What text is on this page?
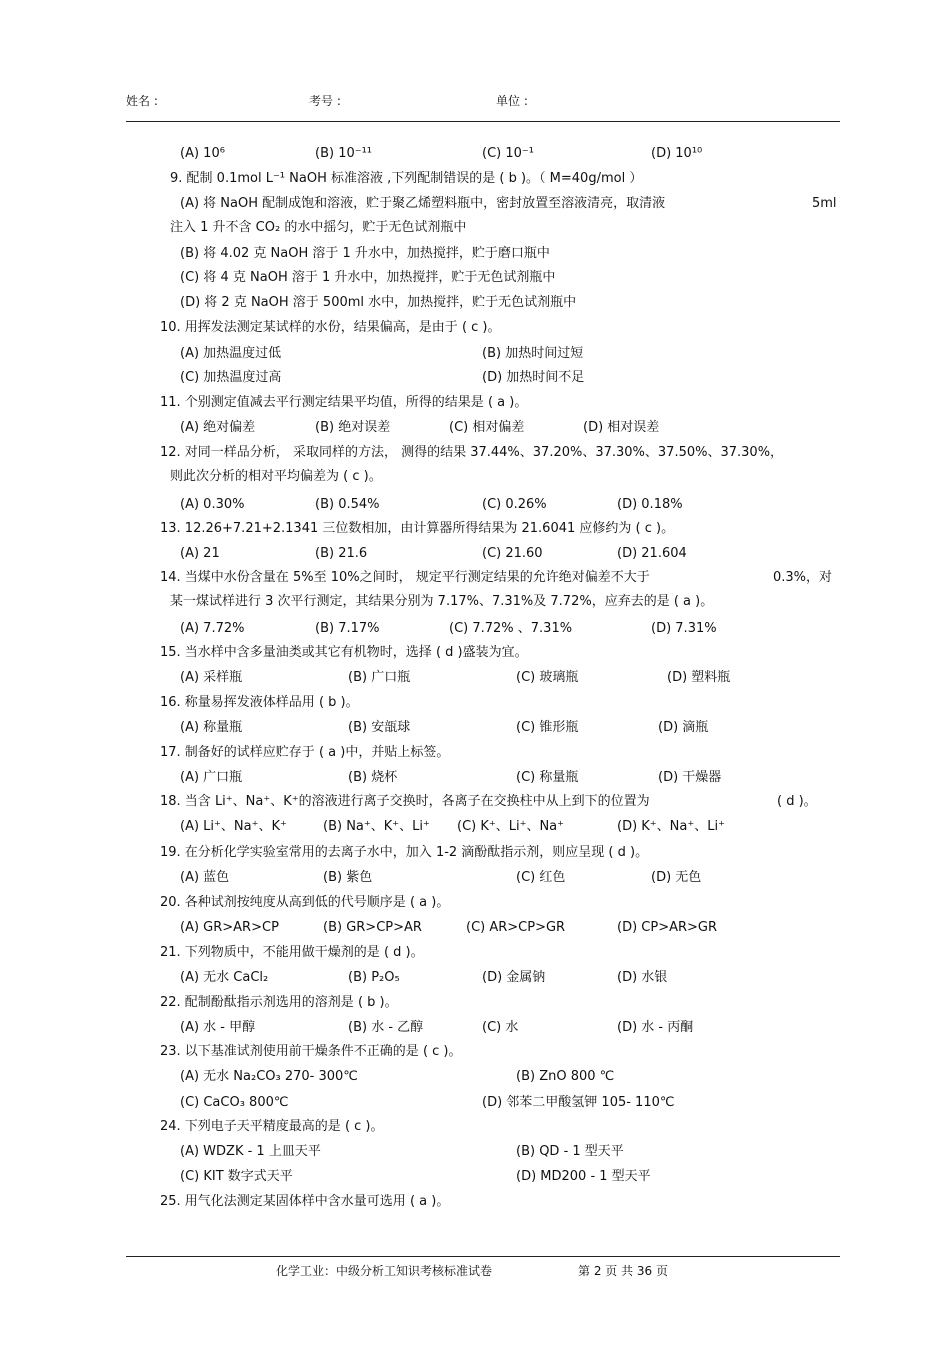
姓名 :	考号 :	单位 :
(A) 10⁶	(B) 10⁻¹¹	(C) 10⁻¹	(D) 10¹⁰
9. 配制 0.1mol L⁻¹ NaOH 标准溶液 ,下列配制错误的是 ( b )。（ M=40g/mol ）
(A) 将 NaOH 配制成饱和溶液，贮于聚乙烯塑料瓶中，密封放置至溶液清亮，取清液	5ml
注入 1 升不含 CO₂ 的水中摇匀，贮于无色试剂瓶中
(B) 将 4.02 克 NaOH 溶于 1 升水中，加热搅拌，贮于磨口瓶中
(C) 将 4 克 NaOH 溶于 1 升水中，加热搅拌，贮于无色试剂瓶中
(D) 将 2 克 NaOH 溶于 500ml 水中，加热搅拌，贮于无色试剂瓶中
10. 用挥发法测定某试样的水份，结果偏高，是由于 ( c )。
(A) 加热温度过低	(B) 加热时间过短
(C) 加热温度过高	(D) 加热时间不足
11. 个别测定值减去平行测定结果平均值，所得的结果是 ( a )。
(A) 绝对偏差	(B) 绝对误差	(C) 相对偏差	(D) 相对误差
12. 对同一样品分析， 采取同样的方法， 测得的结果 37.44%、37.20%、37.30%、37.50%、37.30%，
则此次分析的相对平均偏差为 ( c )。
(A) 0.30%	(B) 0.54%	(C) 0.26%	(D) 0.18%
13. 12.26+7.21+2.1341 三位数相加，由计算器所得结果为 21.6041 应修约为 ( c )。
(A) 21	(B) 21.6	(C) 21.60	(D) 21.604
14. 当煤中水份含量在 5%至 10%之间时， 规定平行测定结果的允许绝对偏差不大于	0.3%，对
某一煤试样进行 3 次平行测定，其结果分别为 7.17%、7.31%及 7.72%，应弃去的是 ( a )。
(A) 7.72%	(B) 7.17%	(C) 7.72% 、7.31%	(D) 7.31%
15. 当水样中含多量油类或其它有机物时，选择 ( d )盛装为宜。
(A) 采样瓶	(B) 广口瓶	(C) 玻璃瓶	(D) 塑料瓶
16. 称量易挥发液体样品用 ( b )。
(A) 称量瓶	(B) 安瓿球	(C) 锥形瓶	(D) 滴瓶
17. 制备好的试样应贮存于 ( a )中，并贴上标签。
(A) 广口瓶	(B) 烧杯	(C) 称量瓶	(D) 干燥器
18. 当含 Li⁺、Na⁺、K⁺的溶液进行离子交换时，各离子在交换柱中从上到下的位置为	( d )。
(A) Li⁺、Na⁺、K⁺	(B) Na⁺、K⁺、Li⁺ (C) K⁺、Li⁺、Na⁺	(D) K⁺、Na⁺、Li⁺
19. 在分析化学实验室常用的去离子水中，加入 1-2 滴酚酞指示剂，则应呈现 ( d )。
(A) 蓝色	(B) 紫色	(C) 红色	(D) 无色
20. 各种试剂按纯度从高到低的代号顺序是 ( a )。
(A) GR>AR>CP	(B) GR>CP>AR	(C) AR>CP>GR	(D) CP>AR>GR
21. 下列物质中，不能用做干燥剂的是 ( d )。
(A) 无水 CaCl₂	(B) P₂O₅	(D) 金属钠	(D) 水银
22. 配制酚酞指示剂选用的溶剂是 ( b )。
(A) 水 - 甲醇	(B) 水 - 乙醇	(C) 水	(D) 水 - 丙酮
23. 以下基准试剂使用前干燥条件不正确的是 ( c )。
(A) 无水 Na₂CO₃ 270- 300℃	(B) ZnO 800 ℃
(C) CaCO₃ 800℃	(D) 邻苯二甲酸氢钾 105- 110℃
24. 下列电子天平精度最高的是 ( c )。
(A) WDZK - 1 上皿天平	(B) QD - 1 型天平
(C) KIT 数字式天平	(D) MD200 - 1 型天平
25. 用气化法测定某固体样中含水量可选用 ( a )。
化学工业：中级分析工知识考核标准试卷	第 2 页 共 36 页
